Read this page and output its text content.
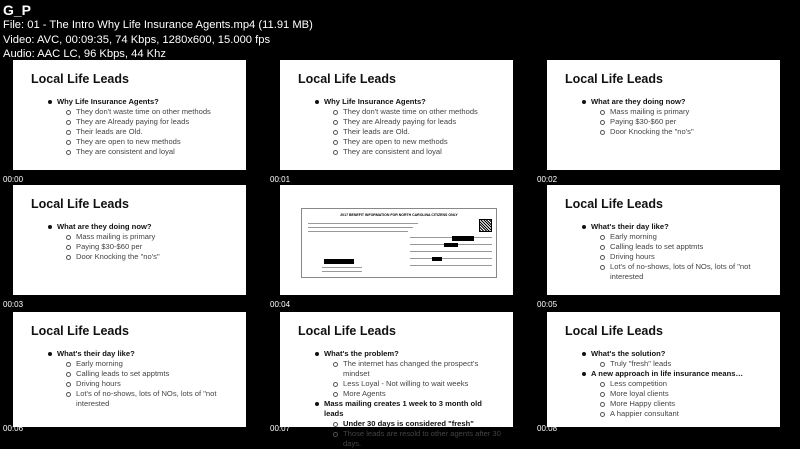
G_P
File: 01 - The Intro Why Life Insurance Agents.mp4 (11.91 MB)
Video: AVC, 00:09:35, 74 Kbps, 1280x600, 15.000 fps
Audio: AAC LC, 96 Kbps, 44 Khz
Local Life Leads
Why Life Insurance Agents?
They don't waste time on other methods
They are Already paying for leads
Their leads are Old.
They are open to new methods
They are consistent and loyal
Local Life Leads
Why Life Insurance Agents?
They don't waste time on other methods
They are Already paying for leads
Their leads are Old.
They are open to new methods
They are consistent and loyal
Local Life Leads
What are they doing now?
Mass mailing is primary
Paying $30-$60 per
Door Knocking the "no's"
Local Life Leads
What are they doing now?
Mass mailing is primary
Paying $30-$60 per
Door Knocking the "no's"
2017 BENEFIT INFORMATION FOR NORTH CAROLINA CITIZENS ONLY
Local Life Leads
What's their day like?
Early morning
Calling leads to set apptmts
Driving hours
Lot's of no-shows, lots of NOs, lots of "not interested
Local Life Leads
What's their day like?
Early morning
Calling leads to set apptmts
Driving hours
Lot's of no-shows, lots of NOs, lots of "not interested
Local Life Leads
What's the problem?
The internet has changed the prospect's mindset
Less Loyal - Not willing to wait weeks
More Agents
Mass mailing creates 1 week to 3 month old leads
Under 30 days is considered "fresh"
Those leads are resold to other agents after 30 days.
Local Life Leads
What's the solution?
Truly "fresh" leads
A new approach in life insurance means…
Less competition
More loyal clients
More Happy clients
A happier consultant
00:00	00:01	00:02
00:03	00:04	00:05
00:06	00:07	00:08
